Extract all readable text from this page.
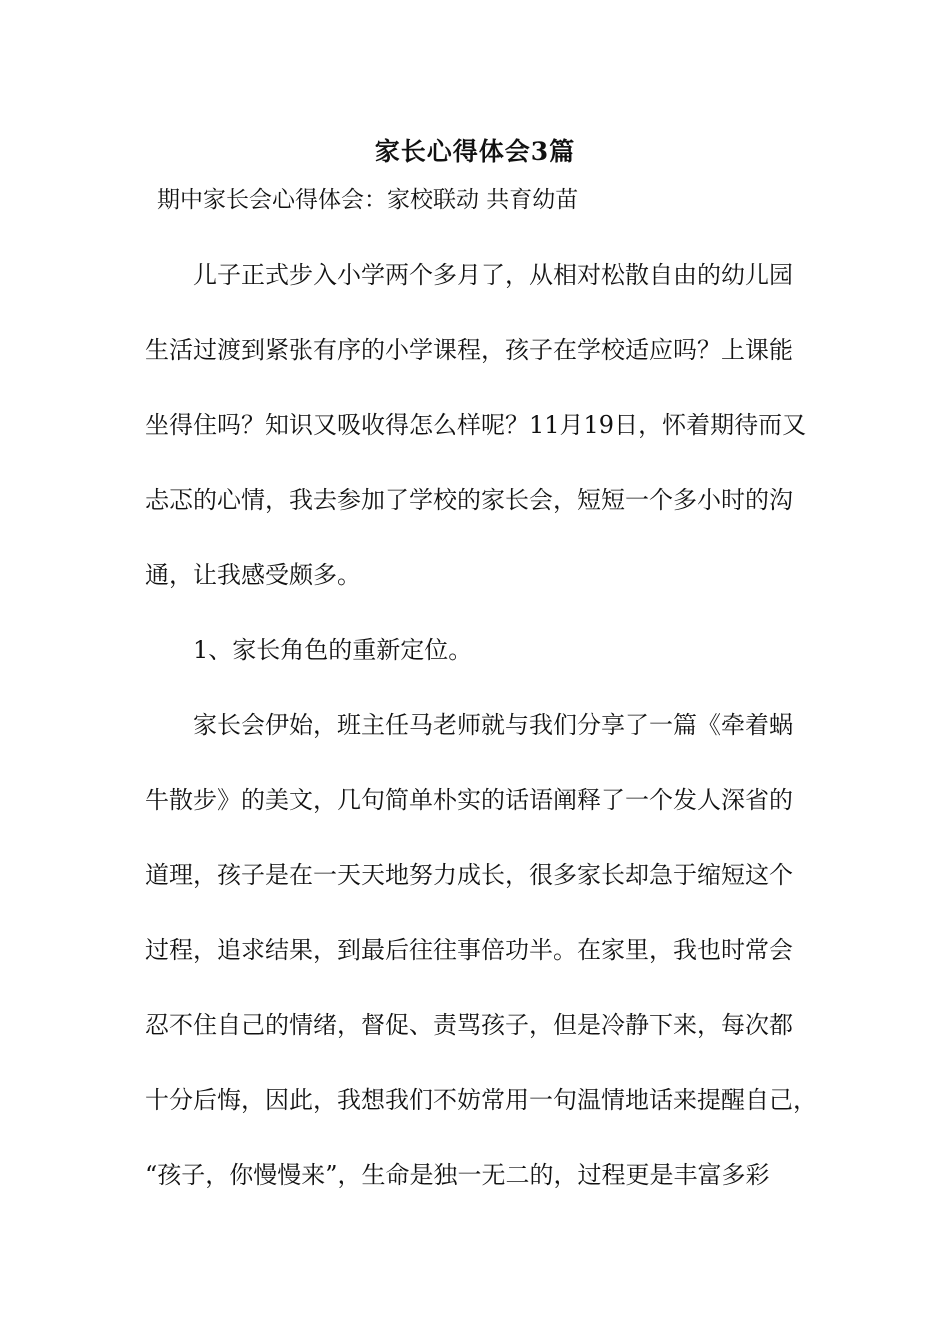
家长心得体会3篇
期中家长会心得体会：家校联动 共育幼苗
儿子正式步入小学两个多月了，从相对松散自由的幼儿园
生活过渡到紧张有序的小学课程，孩子在学校适应吗？上课能
坐得住吗？知识又吸收得怎么样呢？11月19日，怀着期待而又
忐忑的心情，我去参加了学校的家长会，短短一个多小时的沟
通，让我感受颇多。
1、家长角色的重新定位。
家长会伊始，班主任马老师就与我们分享了一篇《牵着蜗
牛散步》的美文，几句简单朴实的话语阐释了一个发人深省的
道理，孩子是在一天天地努力成长，很多家长却急于缩短这个
过程，追求结果，到最后往往事倍功半。在家里，我也时常会
忍不住自己的情绪，督促、责骂孩子，但是冷静下来，每次都
十分后悔，因此，我想我们不妨常用一句温情地话来提醒自己，
“孩子，你慢慢来”，生命是独一无二的，过程更是丰富多彩
